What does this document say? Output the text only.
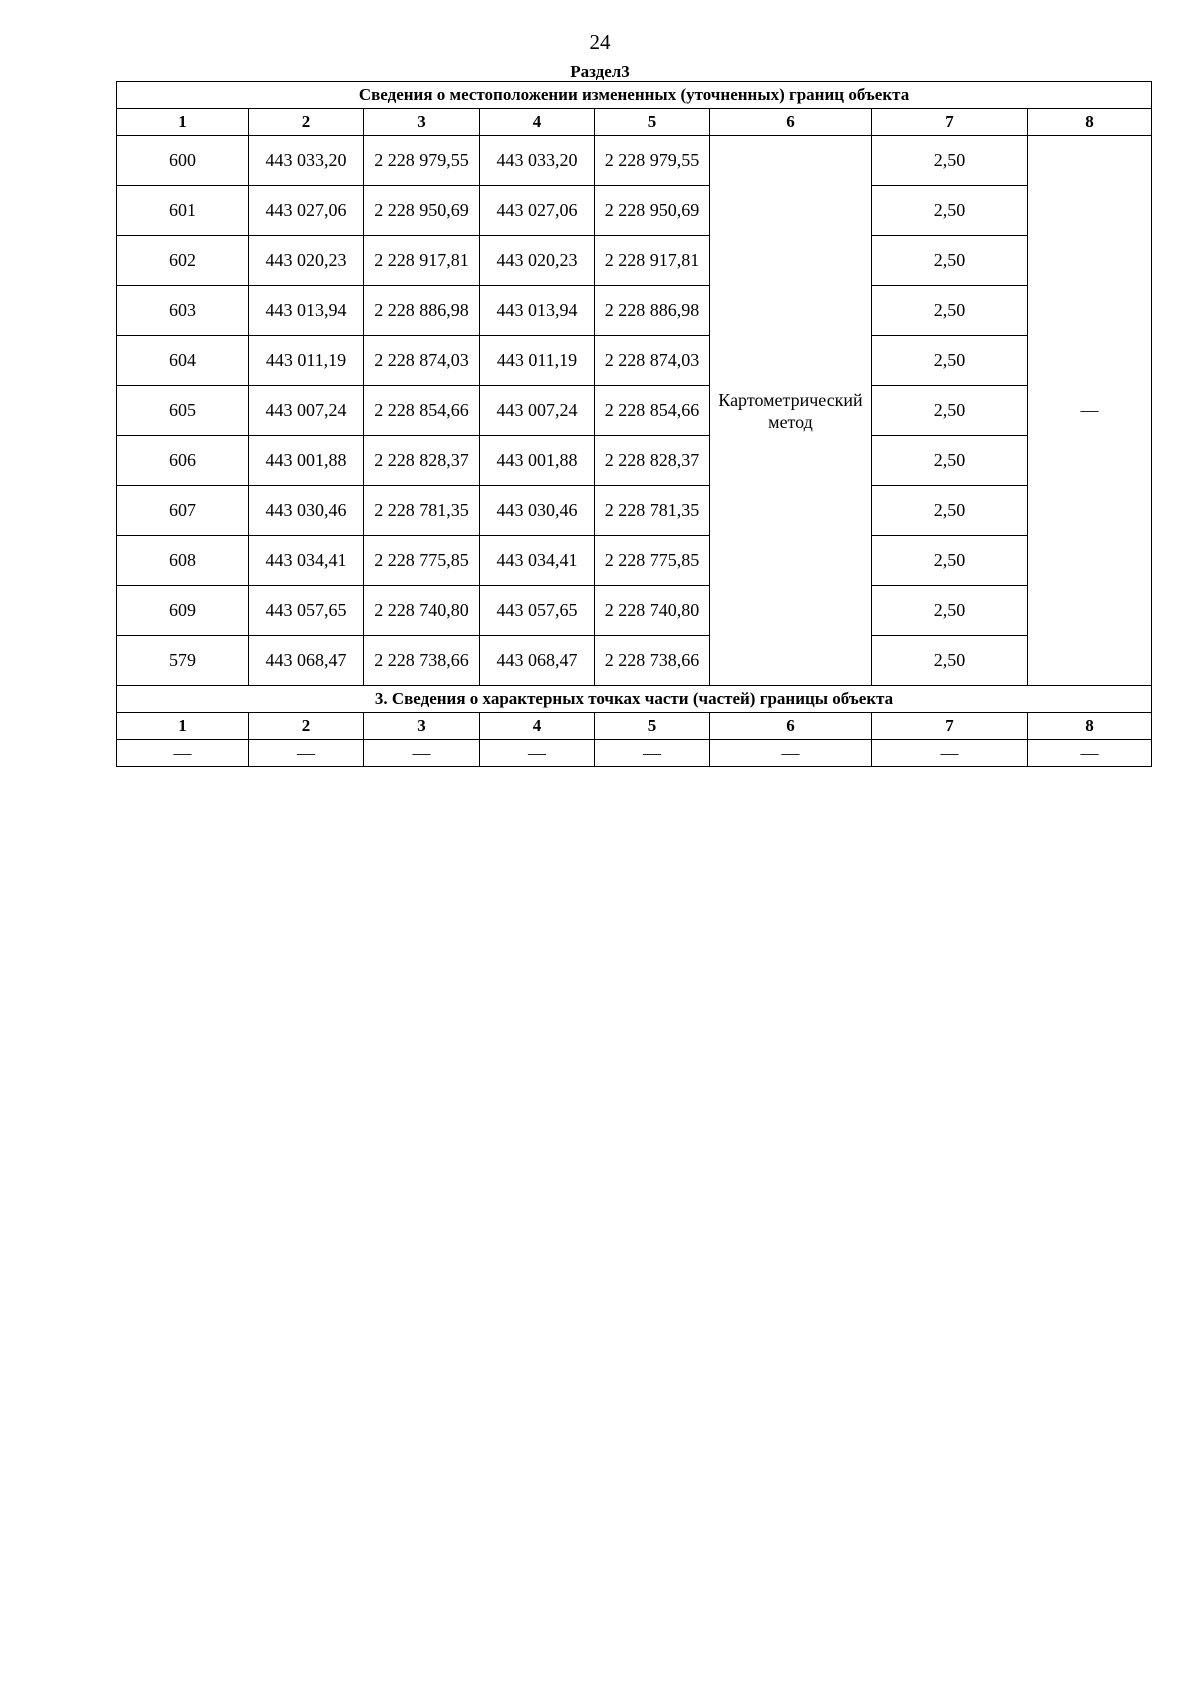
24
Раздел3
Сведения о местоположении измененных (уточненных) границ объекта							
1	2	3	4	5	6	7	8
600	443 033,20	2 228 979,55	443 033,20	2 228 979,55	Картометрический метод	2,50	—
601	443 027,06	2 228 950,69	443 027,06	2 228 950,69		2,50	
602	443 020,23	2 228 917,81	443 020,23	2 228 917,81		2,50	
603	443 013,94	2 228 886,98	443 013,94	2 228 886,98		2,50	
604	443 011,19	2 228 874,03	443 011,19	2 228 874,03		2,50	
605	443 007,24	2 228 854,66	443 007,24	2 228 854,66		2,50	
606	443 001,88	2 228 828,37	443 001,88	2 228 828,37		2,50	
607	443 030,46	2 228 781,35	443 030,46	2 228 781,35		2,50	
608	443 034,41	2 228 775,85	443 034,41	2 228 775,85		2,50	
609	443 057,65	2 228 740,80	443 057,65	2 228 740,80		2,50	
579	443 068,47	2 228 738,66	443 068,47	2 228 738,66		2,50	
3. Сведения о характерных точках части (частей) границы объекта							
1	2	3	4	5	6	7	8
—	—	—	—	—	—	—	—
